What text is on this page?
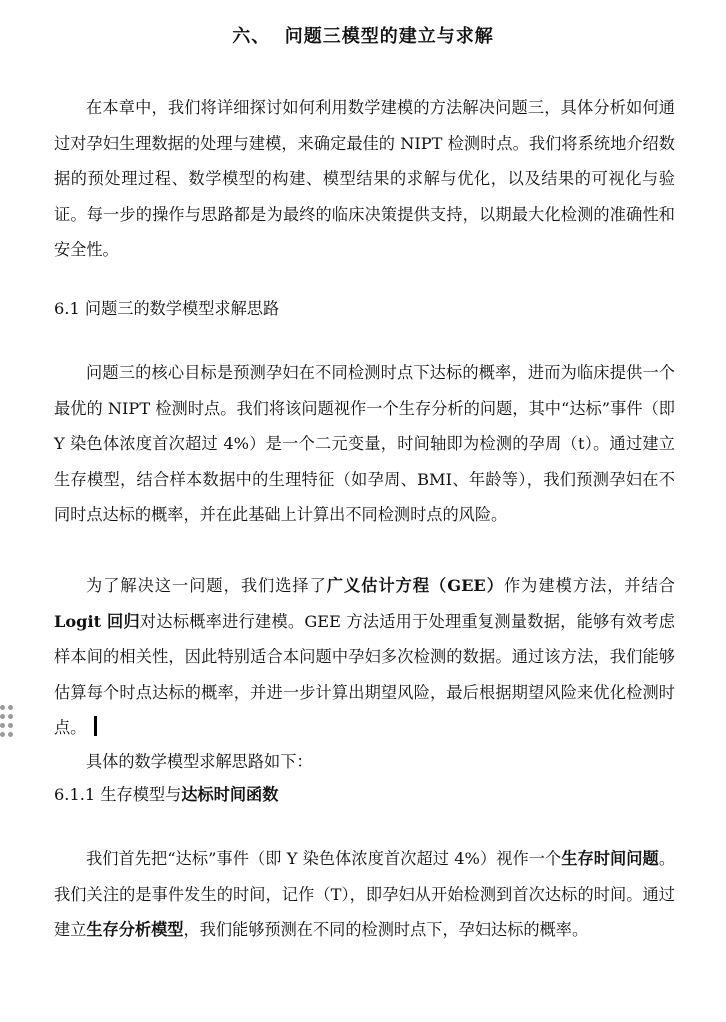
六、  问题三模型的建立与求解

在本章中，我们将详细探讨如何利用数学建模的方法解决问题三，具体分析如何通过对孕妇生理数据的处理与建模，来确定最佳的 NIPT 检测时点。我们将系统地介绍数据的预处理过程、数学模型的构建、模型结果的求解与优化，以及结果的可视化与验证。每一步的操作与思路都是为最终的临床决策提供支持，以期最大化检测的准确性和安全性。

6.1 问题三的数学模型求解思路

问题三的核心目标是预测孕妇在不同检测时点下达标的概率，进而为临床提供一个最优的 NIPT 检测时点。我们将该问题视作一个生存分析的问题，其中“达标”事件（即 Y 染色体浓度首次超过 4%）是一个二元变量，时间轴即为检测的孕周（t）。通过建立生存模型，结合样本数据中的生理特征（如孕周、BMI、年龄等），我们预测孕妇在不同时点达标的概率，并在此基础上计算出不同检测时点的风险。

为了解决这一问题，我们选择了广义估计方程（GEE）作为建模方法，并结合 Logit 回归对达标概率进行建模。GEE 方法适用于处理重复测量数据，能够有效考虑样本间的相关性，因此特别适合本问题中孕妇多次检测的数据。通过该方法，我们能够估算每个时点达标的概率，并进一步计算出期望风险，最后根据期望风险来优化检测时点。

具体的数学模型求解思路如下：

6.1.1 生存模型与达标时间函数

我们首先把“达标”事件（即 Y 染色体浓度首次超过 4%）视作一个生存时间问题。我们关注的是事件发生的时间，记作（T），即孕妇从开始检测到首次达标的时间。通过建立生存分析模型，我们能够预测在不同的检测时点下，孕妇达标的概率。
